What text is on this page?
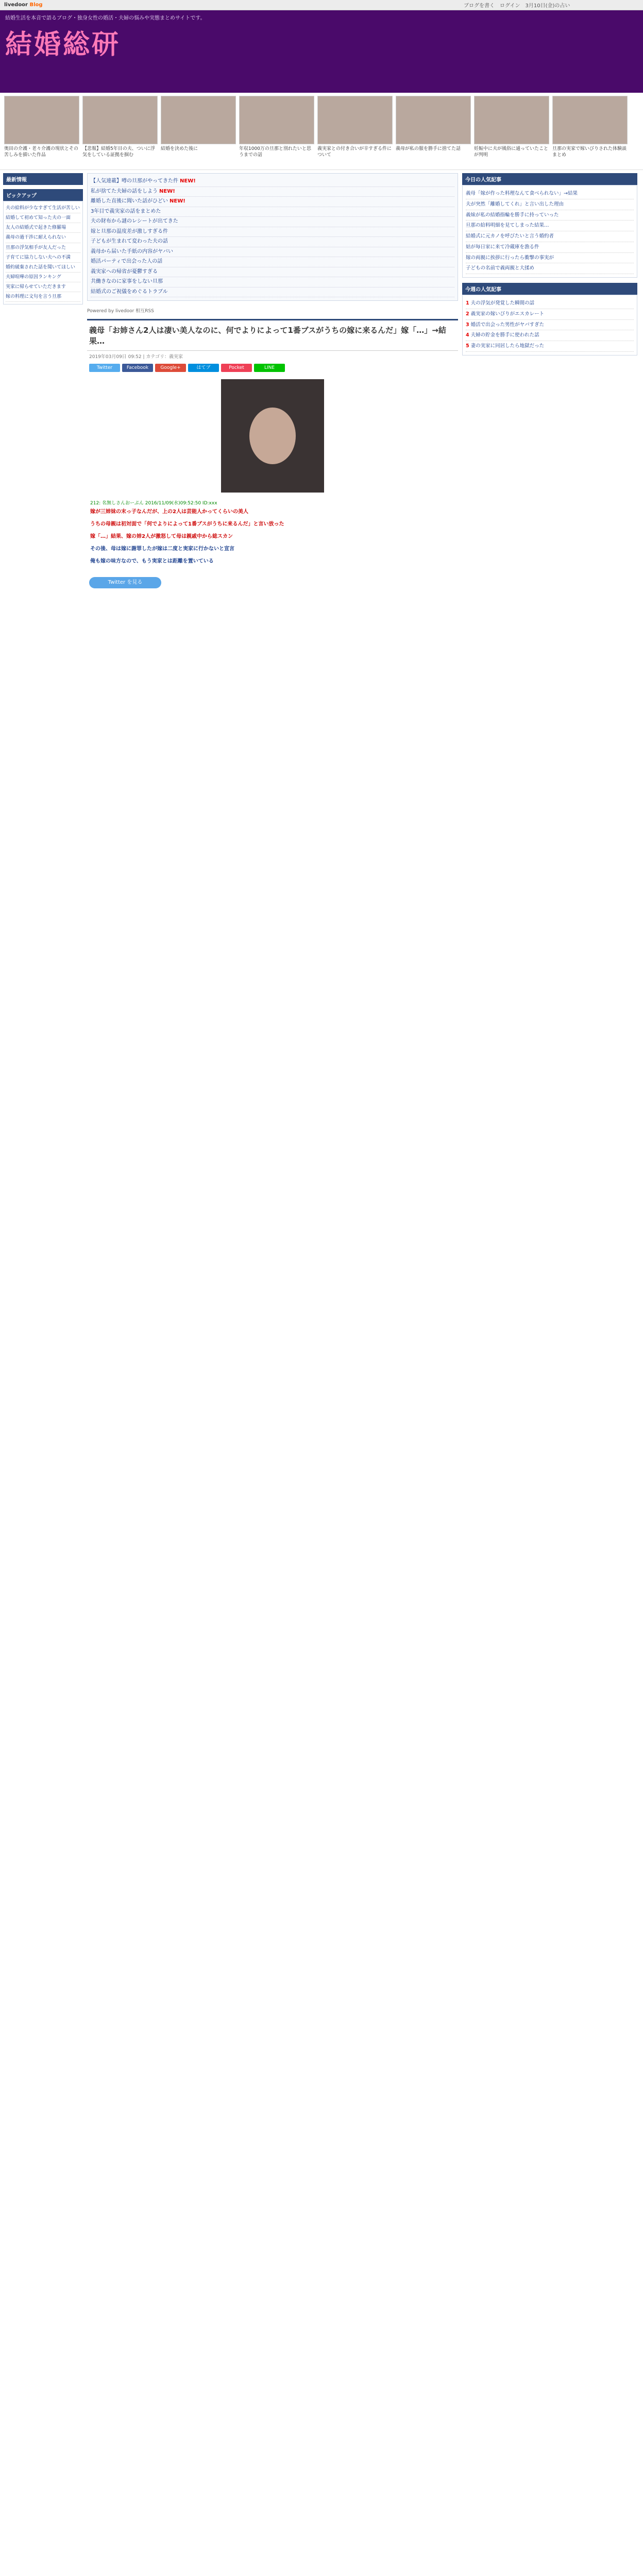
livedoor Blog	ブログを書く ログイン 3月10日(金)の占い
結婚生活を本音で語るブログ・独身女性の婚活・夫婦の悩みや実態まとめサイトです。
結婚総研
奥田の介護・老々介護の現状とその苦しみを描いた作品
【悲報】結婚5年目の夫、ついに浮気をしている証拠を掴む
結婚を決めた後に	年収1000万の旦那と別れたいと思うまでの話
義実家との付き合いが辛すぎる件について
義母が私の服を勝手に捨てた話	妊娠中に夫が風俗に通っていたことが判明
旦那の実家で嫁いびりされた体験談まとめ
最新情報
ピックアップ
夫の給料が少なすぎて生活が苦しい
結婚して初めて知った夫の一面
友人の結婚式で起きた修羅場
義母の過干渉に耐えられない
旦那の浮気相手が友人だった
子育てに協力しない夫への不満
婚約破棄された話を聞いてほしい
夫婦喧嘩の原因ランキング
実家に帰らせていただきます
嫁の料理に文句を言う旦那
【人気連載】噂の旦那がやってきた件 NEW!
私が捨てた夫婦の話をしよう NEW!
離婚した直後に聞いた話がひどい NEW!
3年目で義実家の話をまとめた
夫の財布から謎のレシートが出てきた
嫁と旦那の温度差が激しすぎる件
子どもが生まれて変わった夫の話
義母から届いた手紙の内容がヤバい
婚活パーティで出会った人の話
義実家への帰省が憂鬱すぎる
共働きなのに家事をしない旦那
結婚式のご祝儀をめぐるトラブル
Powered by livedoor 相互RSS
義母「お姉さん2人は凄い美人なのに、何でよりによって1番ブスがうちの嫁に来るんだ」嫁「…」→結果…
2019年03月09日 09:52 | カテゴリ：義実家
Twitter	Facebook	Google+	はてブ	Pocket	LINE
212: 名無しさんおーぷん 2016/11/09(水)09:52:50 ID:xxx
嫁が三姉妹の末っ子なんだが、上の2人は芸能人かってくらいの美人
うちの母親は初対面で「何でよりによって1番ブスがうちに来るんだ」と言い放った
嫁「…」結果、嫁の姉2人が激怒して母は親戚中から総スカン
その後、母は嫁に謝罪したが嫁は二度と実家に行かないと宣言
俺も嫁の味方なので、もう実家とは距離を置いている
Twitter を見る
今日の人気記事
義母「嫁が作った料理なんて食べられない」→結果
夫が突然「離婚してくれ」と言い出した理由
義妹が私の結婚指輪を勝手に持っていった
旦那の給料明細を見てしまった結果…
結婚式に元カノを呼びたいと言う婚約者
姑が毎日家に来て冷蔵庫を漁る件
嫁の両親に挨拶に行ったら衝撃の事実が
子どもの名前で義両親と大揉め
今週の人気記事
1 夫の浮気が発覚した瞬間の話
2 義実家の嫁いびりがエスカレート
3 婚活で出会った男性がヤバすぎた
4 夫婦の貯金を勝手に使われた話
5 妻の実家に同居したら地獄だった
